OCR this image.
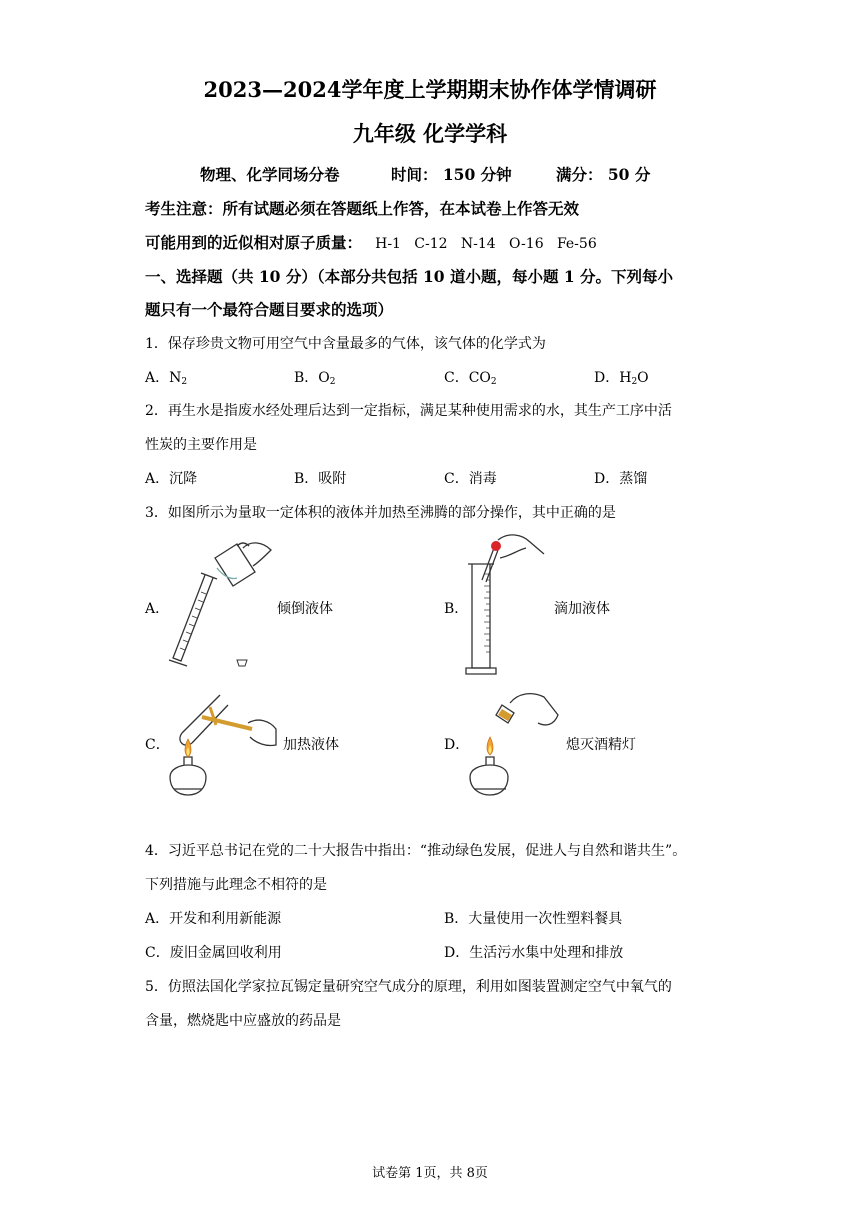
2023—2024学年度上学期期末协作体学情调研
九年级 化学学科
物理、化学同场分卷	时间： 150 分钟	满分： 50 分
考生注意：所有试题必须在答题纸上作答，在本试卷上作答无效
可能用到的近似相对原子质量： H-1   C-12   N-14   O-16   Fe-56
一、选择题（共 10 分）（本部分共包括 10 道小题，每小题 1 分。下列每小
题只有一个最符合题目要求的选项）
1．保存珍贵文物可用空气中含量最多的气体，该气体的化学式为
A．$N_2$	B．$O_2$	C．$CO_2$	D．$H_2O$
2．再生水是指废水经处理后达到一定指标，满足某种使用需求的水，其生产工序中活
性炭的主要作用是
A．沉降	B．吸附	C．消毒	D．蒸馏
3．如图所示为量取一定体积的液体并加热至沸腾的部分操作，其中正确的是
A．	倾倒液体	B．	滴加液体
C．	加热液体	D．	熄灭酒精灯
4．习近平总书记在党的二十大报告中指出：“推动绿色发展，促进人与自然和谐共生”。
下列措施与此理念不相符的是
A．开发和利用新能源	B．大量使用一次性塑料餐具
C．废旧金属回收利用	D．生活污水集中处理和排放
5．仿照法国化学家拉瓦锡定量研究空气成分的原理，利用如图装置测定空气中氧气的
含量，燃烧匙中应盛放的药品是
试卷第 1页，共 8页
